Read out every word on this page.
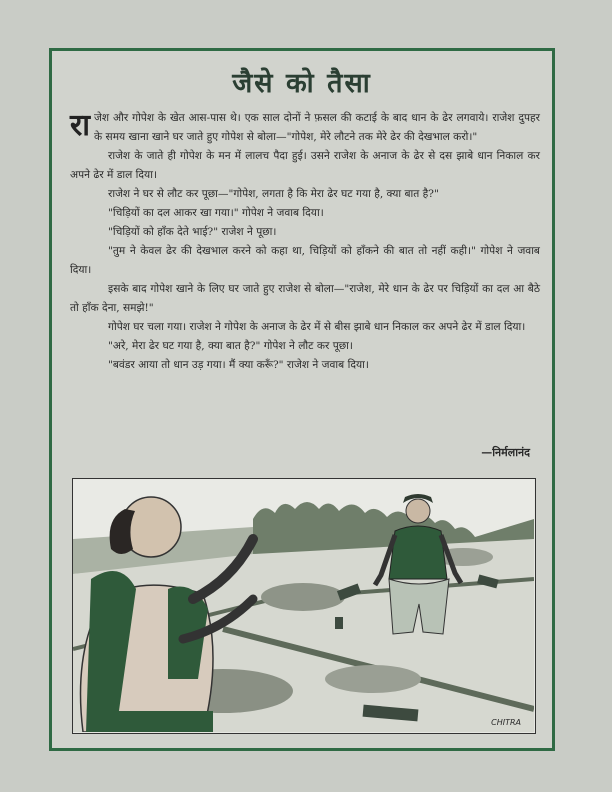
जैसे को तैसा

राजेश और गोपेश के खेत आस-पास थे। एक साल दोनों ने फ़सल की कटाई के बाद धान के ढेर लगवाये। राजेश दुपहर के समय खाना खाने घर जाते हुए गोपेश से बोला—"गोपेश, मेरे लौटने तक मेरे ढेर की देखभाल करो।"

राजेश के जाते ही गोपेश के मन में लालच पैदा हुई। उसने राजेश के अनाज के ढेर से दस झाबे धान निकाल कर अपने ढेर में डाल दिया।

राजेश ने घर से लौट कर पूछा—"गोपेश, लगता है कि मेरा ढेर घट गया है, क्या बात है?"

"चिड़ियों का दल आकर खा गया।" गोपेश ने जवाब दिया।

"चिड़ियों को हाँक देते भाई?" राजेश ने पूछा।

"तुम ने केवल ढेर की देखभाल करने को कहा था, चिड़ियों को हाँकने की बात तो नहीं कही।" गोपेश ने जवाब दिया।

इसके बाद गोपेश खाने के लिए घर जाते हुए राजेश से बोला—"राजेश, मेरे धान के ढेर पर चिड़ियों का दल आ बैठे तो हाँक देना, समझे!"

गोपेश घर चला गया। राजेश ने गोपेश के अनाज के ढेर में से बीस झाबे धान निकाल कर अपने ढेर में डाल दिया।

"अरे, मेरा ढेर घट गया है, क्या बात है?" गोपेश ने लौट कर पूछा।

"बवंडर आया तो धान उड़ गया। मैं क्या करूँ?" राजेश ने जवाब दिया।

—निर्मलानंद
CHITRA
